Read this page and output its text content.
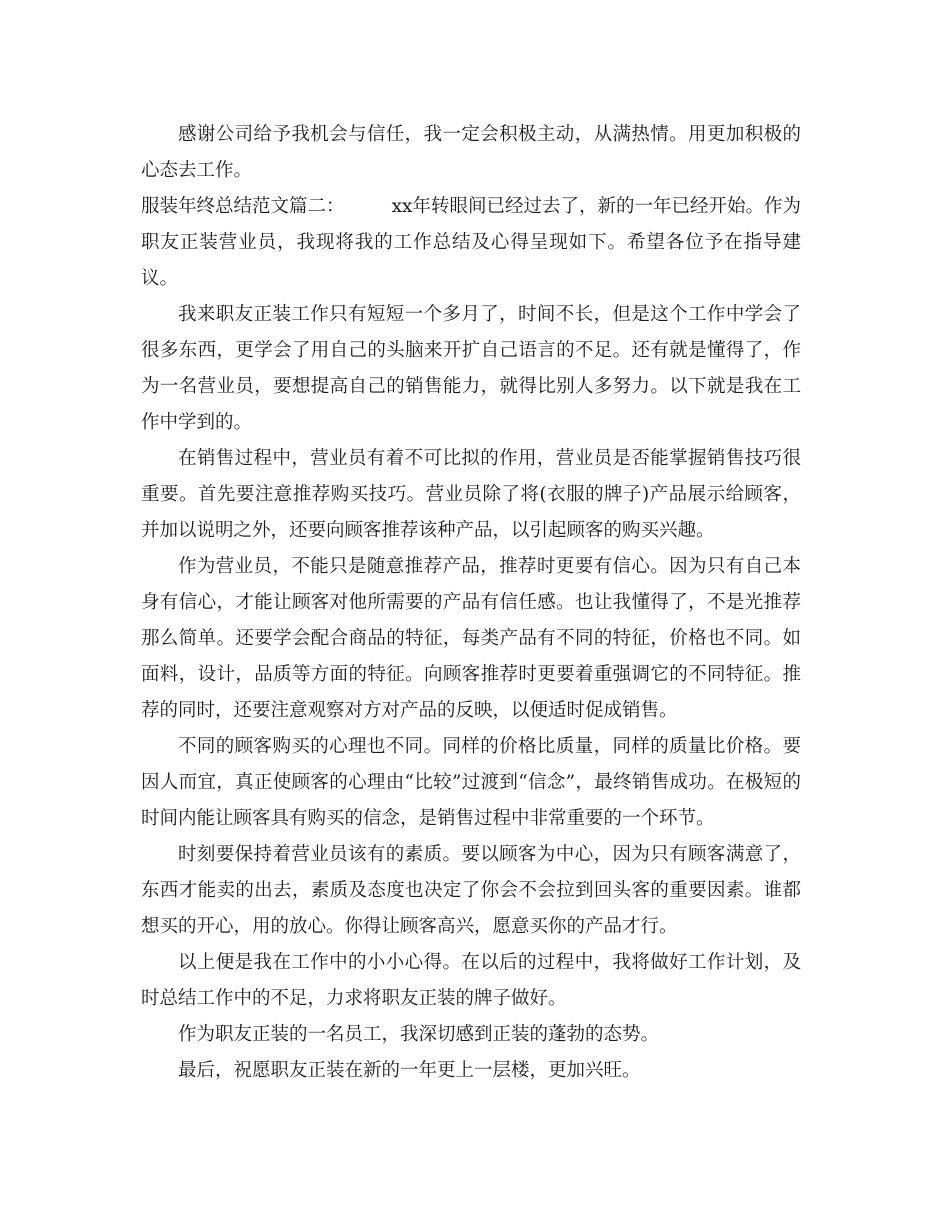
感谢公司给予我机会与信任，我一定会积极主动，从满热情。用更加积极的心态去工作。

服装年终总结范文篇二：	xx年转眼间已经过去了，新的一年已经开始。作为职友正装营业员，我现将我的工作总结及心得呈现如下。希望各位予在指导建议。

我来职友正装工作只有短短一个多月了，时间不长，但是这个工作中学会了很多东西，更学会了用自己的头脑来开扩自己语言的不足。还有就是懂得了，作为一名营业员，要想提高自己的销售能力，就得比别人多努力。以下就是我在工作中学到的。

在销售过程中，营业员有着不可比拟的作用，营业员是否能掌握销售技巧很重要。首先要注意推荐购买技巧。营业员除了将(衣服的牌子)产品展示给顾客，并加以说明之外，还要向顾客推荐该种产品，以引起顾客的购买兴趣。

作为营业员，不能只是随意推荐产品，推荐时更要有信心。因为只有自己本身有信心，才能让顾客对他所需要的产品有信任感。也让我懂得了，不是光推荐那么简单。还要学会配合商品的特征，每类产品有不同的特征，价格也不同。如面料，设计，品质等方面的特征。向顾客推荐时更要着重强调它的不同特征。推荐的同时，还要注意观察对方对产品的反映，以便适时促成销售。

不同的顾客购买的心理也不同。同样的价格比质量，同样的质量比价格。要因人而宜，真正使顾客的心理由“比较”过渡到“信念”，最终销售成功。在极短的时间内能让顾客具有购买的信念，是销售过程中非常重要的一个环节。

时刻要保持着营业员该有的素质。要以顾客为中心，因为只有顾客满意了，东西才能卖的出去，素质及态度也决定了你会不会拉到回头客的重要因素。谁都想买的开心，用的放心。你得让顾客高兴，愿意买你的产品才行。

以上便是我在工作中的小小心得。在以后的过程中，我将做好工作计划，及时总结工作中的不足，力求将职友正装的牌子做好。

作为职友正装的一名员工，我深切感到正装的蓬勃的态势。

最后，祝愿职友正装在新的一年更上一层楼，更加兴旺。
